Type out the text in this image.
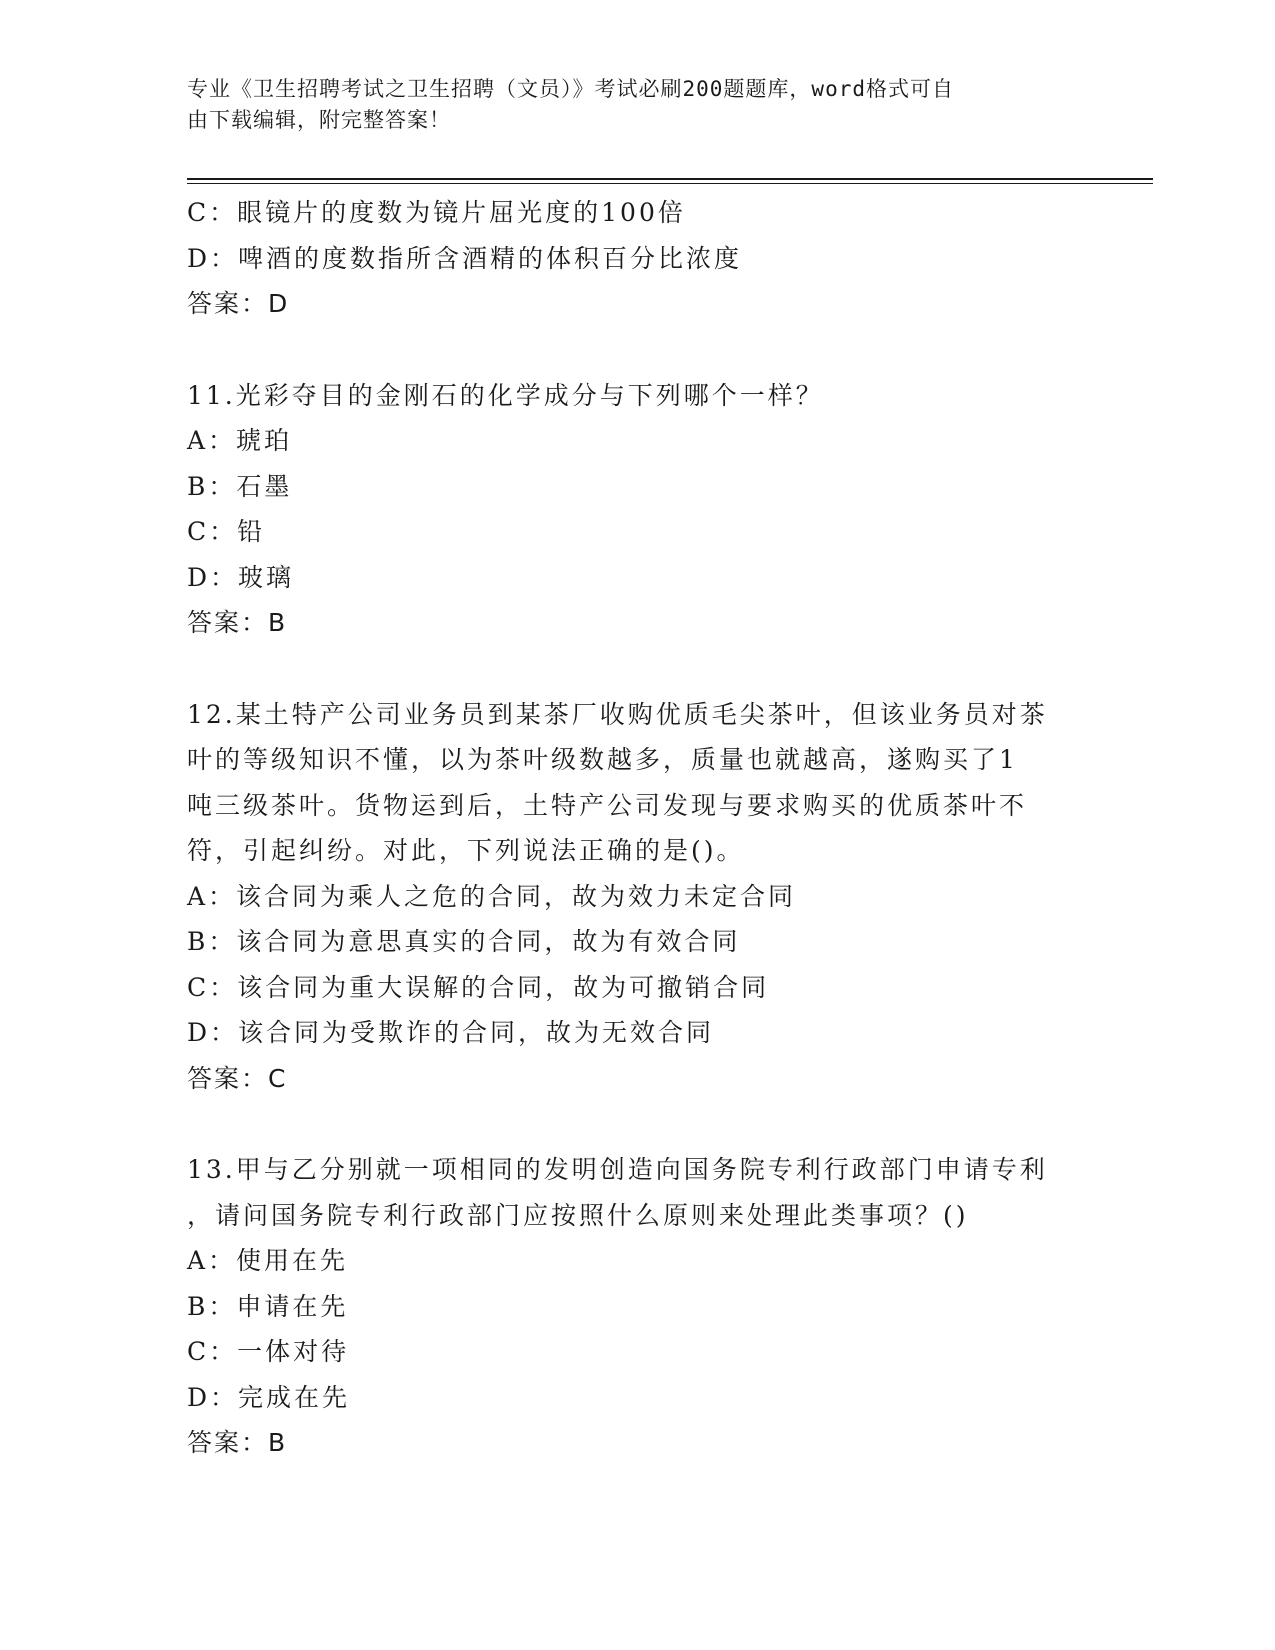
专业《卫生招聘考试之卫生招聘（文员）》考试必刷200题题库，word格式可自
由下载编辑，附完整答案！
C：眼镜片的度数为镜片屈光度的100倍
D：啤酒的度数指所含酒精的体积百分比浓度
答案：D
11.光彩夺目的金刚石的化学成分与下列哪个一样？
A：琥珀
B：石墨
C：铅
D：玻璃
答案：B
12.某土特产公司业务员到某茶厂收购优质毛尖茶叶，但该业务员对茶
叶的等级知识不懂，以为茶叶级数越多，质量也就越高，遂购买了1
吨三级茶叶。货物运到后，土特产公司发现与要求购买的优质茶叶不
符，引起纠纷。对此，下列说法正确的是()。
A：该合同为乘人之危的合同，故为效力未定合同
B：该合同为意思真实的合同，故为有效合同
C：该合同为重大误解的合同，故为可撤销合同
D：该合同为受欺诈的合同，故为无效合同
答案：C
13.甲与乙分别就一项相同的发明创造向国务院专利行政部门申请专利
，请问国务院专利行政部门应按照什么原则来处理此类事项？()
A：使用在先
B：申请在先
C：一体对待
D：完成在先
答案：B
